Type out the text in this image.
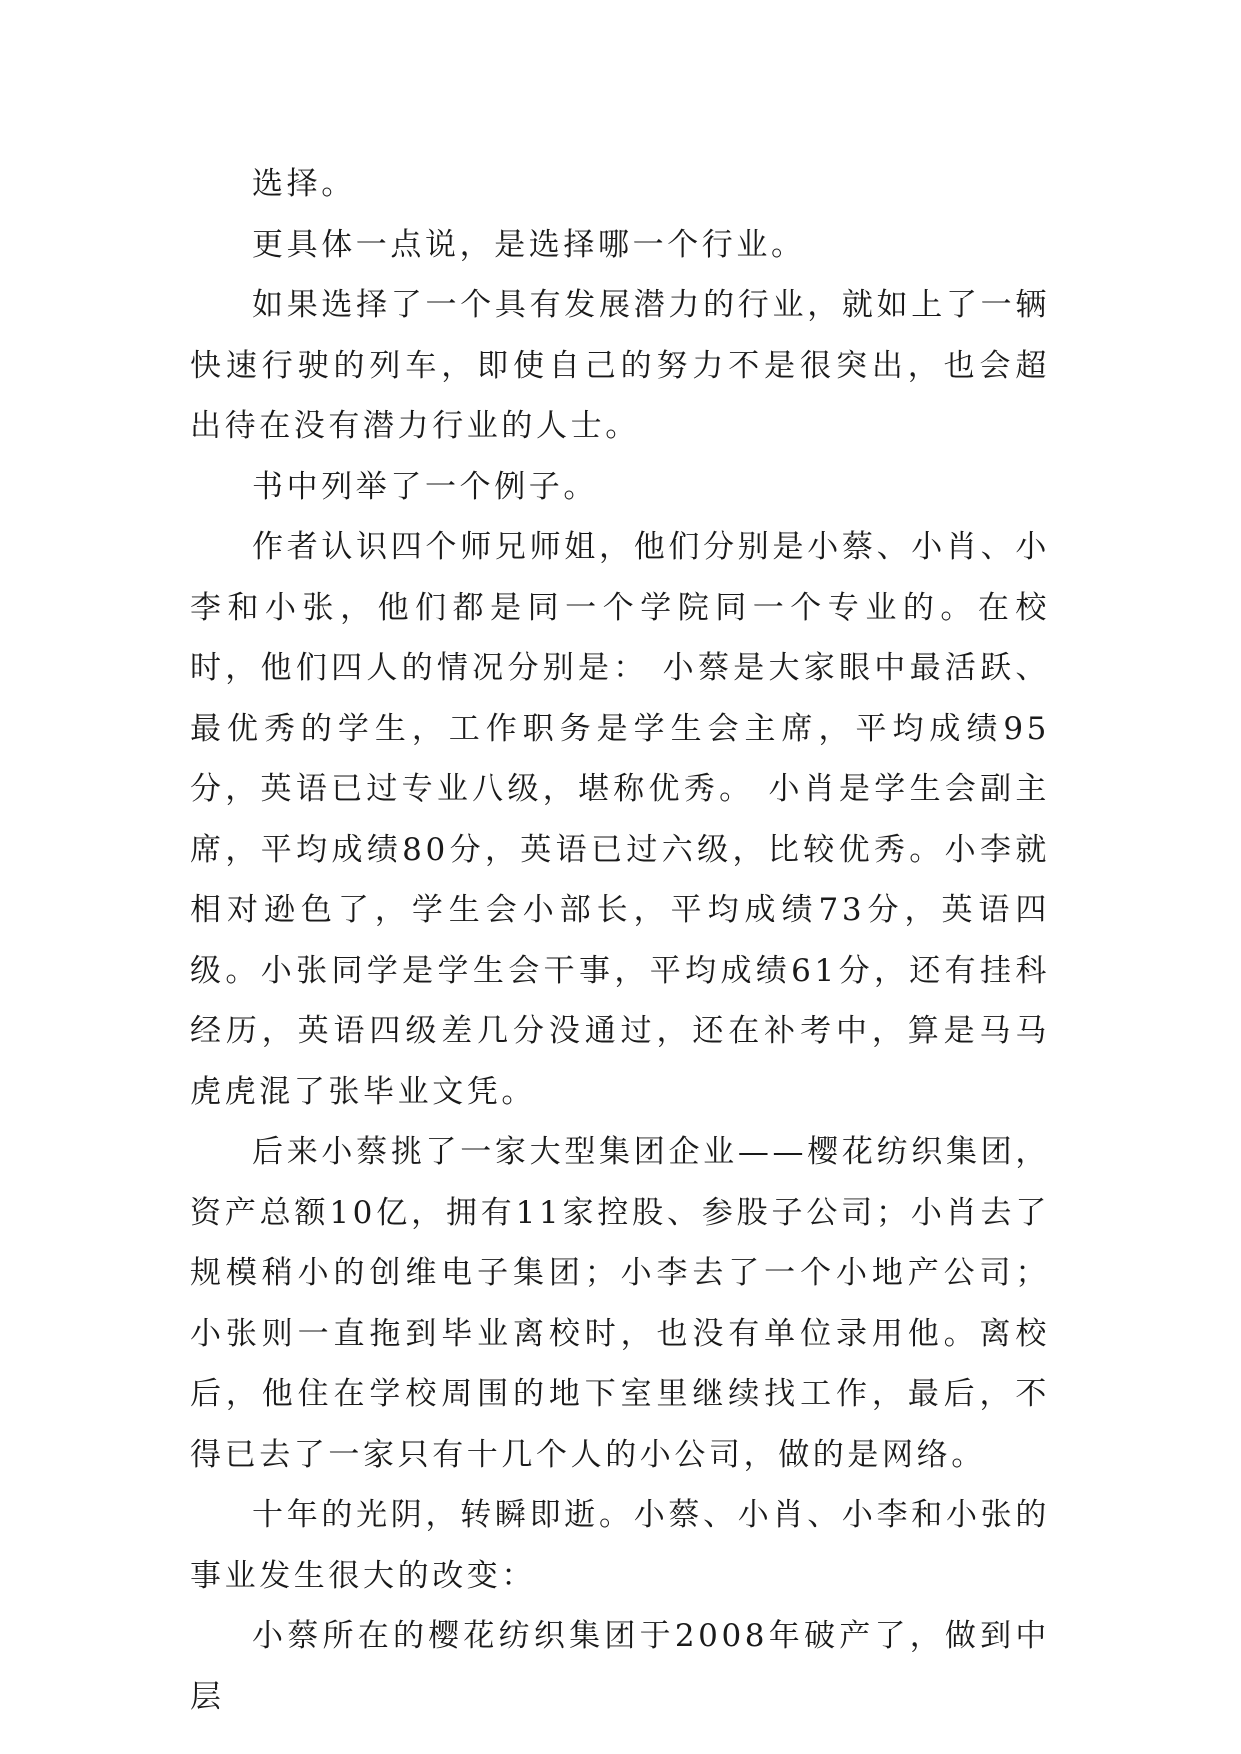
选择。

更具体一点说，是选择哪一个行业。

如果选择了一个具有发展潜力的行业，就如上了一辆快速行驶的列车，即使自己的努力不是很突出，也会超出待在没有潜力行业的人士。

书中列举了一个例子。

作者认识四个师兄师姐，他们分别是小蔡、小肖、小李和小张，他们都是同一个学院同一个专业的。在校时，他们四人的情况分别是： 小蔡是大家眼中最活跃、最优秀的学生，工作职务是学生会主席，平均成绩95分，英语已过专业八级，堪称优秀。 小肖是学生会副主席，平均成绩80分，英语已过六级，比较优秀。小李就相对逊色了，学生会小部长，平均成绩73分，英语四级。小张同学是学生会干事，平均成绩61分，还有挂科经历，英语四级差几分没通过，还在补考中，算是马马虎虎混了张毕业文凭。

后来小蔡挑了一家大型集团企业——樱花纺织集团，资产总额10亿，拥有11家控股、参股子公司；小肖去了规模稍小的创维电子集团；小李去了一个小地产公司；小张则一直拖到毕业离校时，也没有单位录用他。离校后，他住在学校周围的地下室里继续找工作，最后，不得已去了一家只有十几个人的小公司，做的是网络。

十年的光阴，转瞬即逝。小蔡、小肖、小李和小张的事业发生很大的改变：

小蔡所在的樱花纺织集团于2008年破产了，做到中层
